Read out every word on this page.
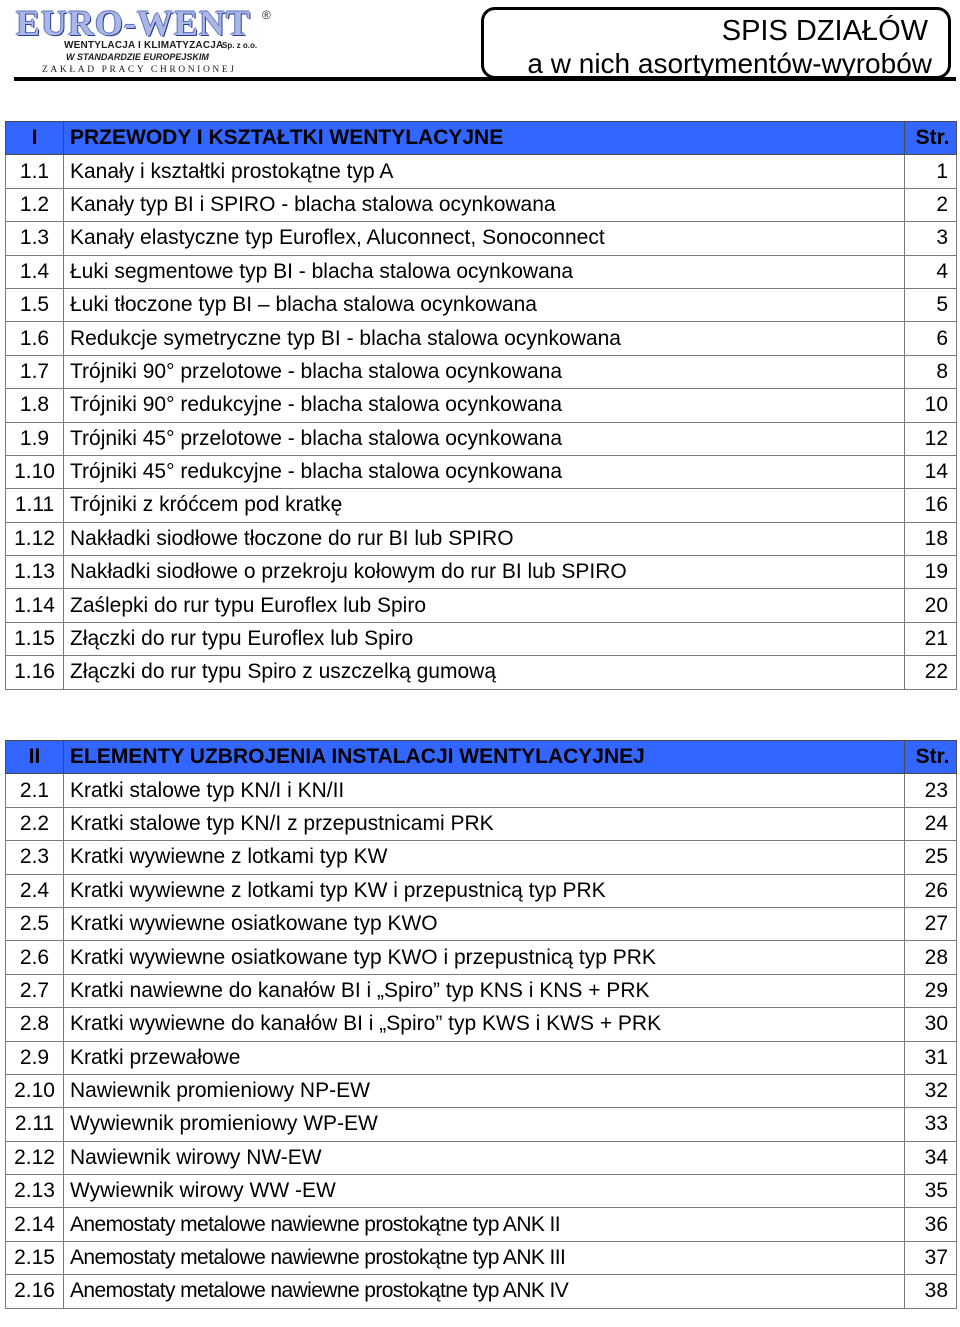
EURO-WENT ®
WENTYLACJA I KLIMATYZACJA
Sp. z o.o.
W STANDARDZIE EUROPEJSKIM
ZAKŁAD PRACY CHRONIONEJ
SPIS DZIAŁÓW
a w nich asortymentów-wyrobów
I	PRZEWODY I KSZTAŁTKI WENTYLACYJNE	Str.
1.1	Kanały i kształtki prostokątne typ A	1
1.2	Kanały typ BI i SPIRO - blacha stalowa ocynkowana	2
1.3	Kanały elastyczne typ Euroflex, Aluconnect, Sonoconnect	3
1.4	Łuki segmentowe typ BI - blacha stalowa ocynkowana	4
1.5	Łuki tłoczone typ BI – blacha stalowa ocynkowana	5
1.6	Redukcje symetryczne typ BI - blacha stalowa ocynkowana	6
1.7	Trójniki 90° przelotowe - blacha stalowa ocynkowana	8
1.8	Trójniki 90° redukcyjne - blacha stalowa ocynkowana	10
1.9	Trójniki 45° przelotowe - blacha stalowa ocynkowana	12
1.10	Trójniki 45° redukcyjne - blacha stalowa ocynkowana	14
1.11	Trójniki z króćcem pod kratkę	16
1.12	Nakładki siodłowe tłoczone do rur BI lub SPIRO	18
1.13	Nakładki siodłowe o przekroju kołowym do rur BI lub SPIRO	19
1.14	Zaślepki do rur typu Euroflex lub Spiro	20
1.15	Złączki do rur typu Euroflex lub Spiro	21
1.16	Złączki do rur typu Spiro z uszczelką gumową	22
II	ELEMENTY UZBROJENIA INSTALACJI WENTYLACYJNEJ	Str.
2.1	Kratki stalowe typ KN/I i KN/II	23
2.2	Kratki stalowe typ KN/I z przepustnicami PRK	24
2.3	Kratki wywiewne z lotkami typ KW	25
2.4	Kratki wywiewne z lotkami typ KW i przepustnicą typ PRK	26
2.5	Kratki wywiewne osiatkowane typ KWO	27
2.6	Kratki wywiewne osiatkowane typ KWO i przepustnicą typ PRK	28
2.7	Kratki nawiewne do kanałów BI i „Spiro” typ KNS i KNS + PRK	29
2.8	Kratki wywiewne do kanałów BI i „Spiro” typ KWS i KWS + PRK	30
2.9	Kratki przewałowe	31
2.10	Nawiewnik promieniowy NP-EW	32
2.11	Wywiewnik promieniowy WP-EW	33
2.12	Nawiewnik wirowy NW-EW	34
2.13	Wywiewnik wirowy WW -EW	35
2.14	Anemostaty metalowe nawiewne prostokątne typ ANK II	36
2.15	Anemostaty metalowe nawiewne prostokątne typ ANK III	37
2.16	Anemostaty metalowe nawiewne prostokątne typ ANK IV	38
